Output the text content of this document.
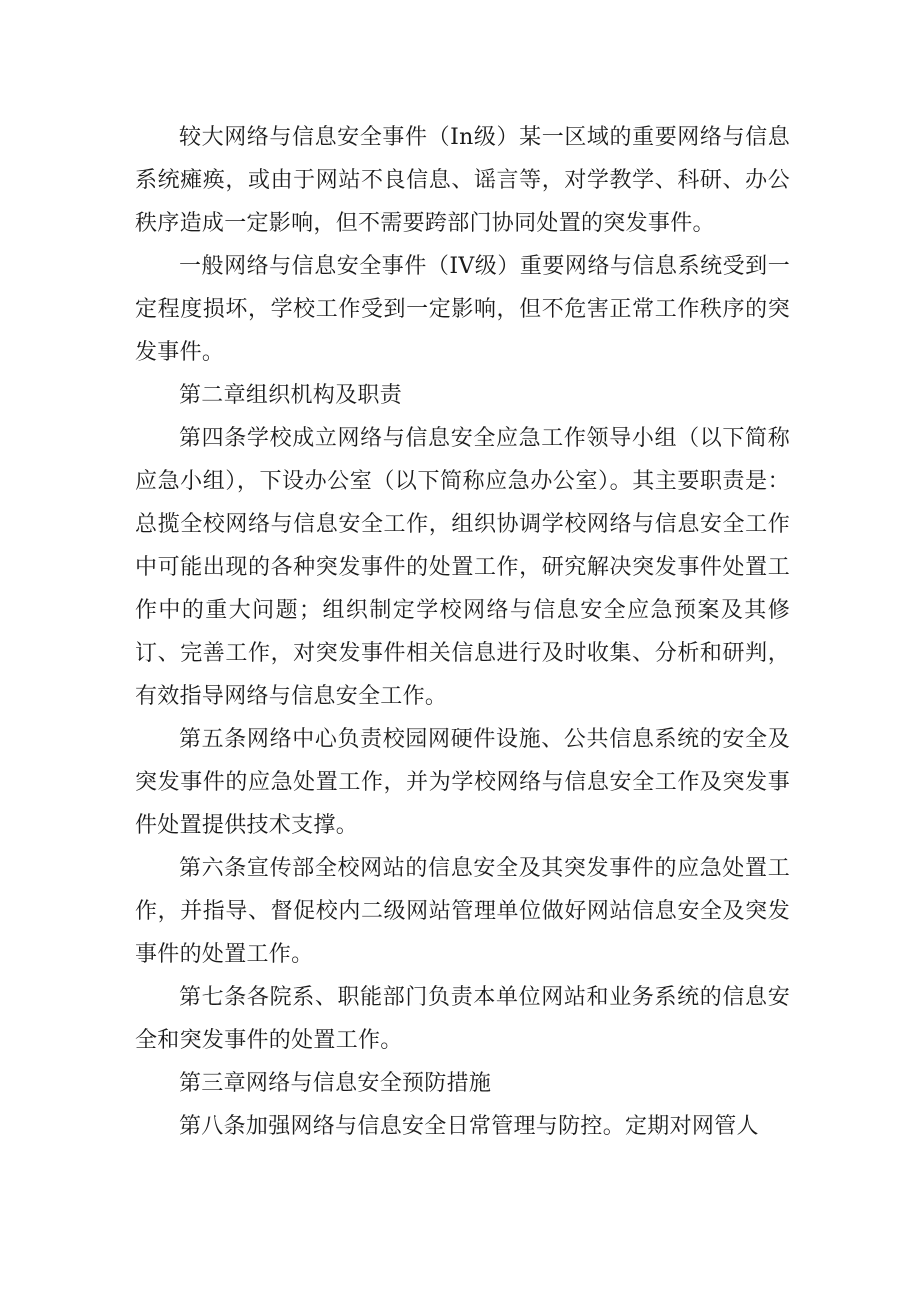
较大网络与信息安全事件（In级）某一区域的重要网络与信息系统瘫痪，或由于网站不良信息、谣言等，对学教学、科研、办公秩序造成一定影响，但不需要跨部门协同处置的突发事件。

一般网络与信息安全事件（IV级）重要网络与信息系统受到一定程度损坏，学校工作受到一定影响，但不危害正常工作秩序的突发事件。

第二章组织机构及职责

第四条学校成立网络与信息安全应急工作领导小组（以下简称应急小组），下设办公室（以下简称应急办公室）。其主要职责是：总揽全校网络与信息安全工作，组织协调学校网络与信息安全工作中可能出现的各种突发事件的处置工作，研究解决突发事件处置工作中的重大问题；组织制定学校网络与信息安全应急预案及其修订、完善工作，对突发事件相关信息进行及时收集、分析和研判，有效指导网络与信息安全工作。

第五条网络中心负责校园网硬件设施、公共信息系统的安全及突发事件的应急处置工作，并为学校网络与信息安全工作及突发事件处置提供技术支撑。

第六条宣传部全校网站的信息安全及其突发事件的应急处置工作，并指导、督促校内二级网站管理单位做好网站信息安全及突发事件的处置工作。

第七条各院系、职能部门负责本单位网站和业务系统的信息安全和突发事件的处置工作。

第三章网络与信息安全预防措施

第八条加强网络与信息安全日常管理与防控。定期对网管人
